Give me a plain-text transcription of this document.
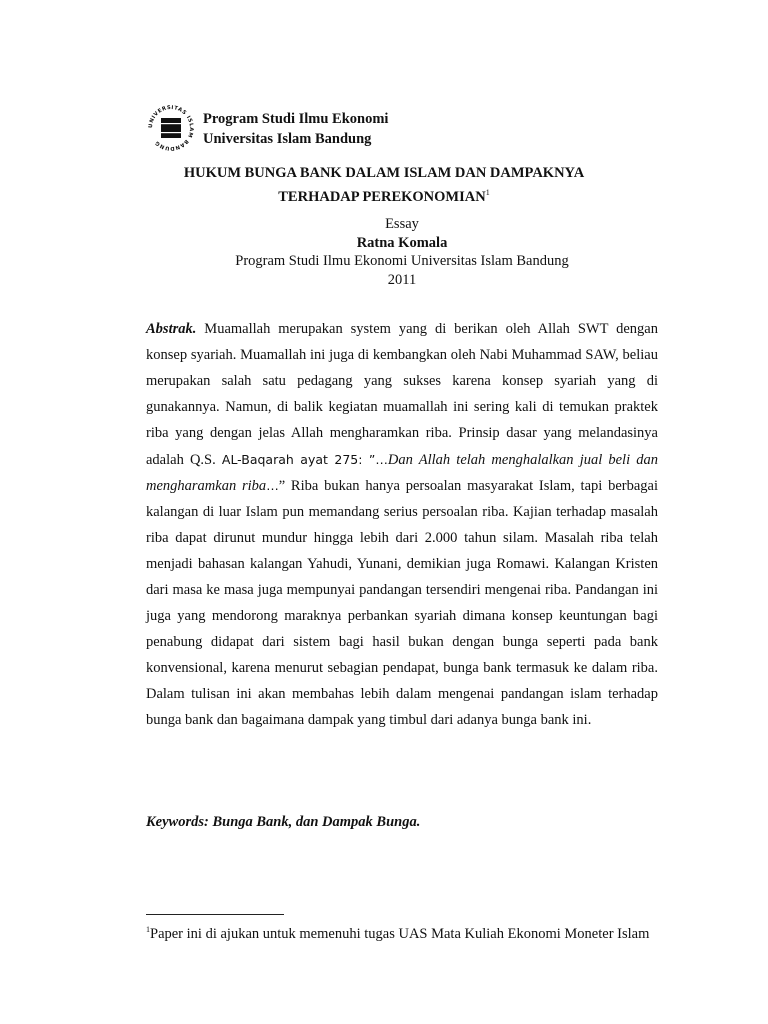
UNIVERSITAS ISLAM BANDUNG
Program Studi Ilmu Ekonomi
Universitas Islam Bandung
HUKUM BUNGA BANK DALAM ISLAM DAN DAMPAKNYA
TERHADAP PEREKONOMIAN$^1$
Essay
Ratna Komala
Program Studi Ilmu Ekonomi Universitas Islam Bandung
2011
Abstrak. Muamallah merupakan system yang di berikan oleh Allah SWT dengan konsep syariah. Muamallah ini juga di kembangkan oleh Nabi Muhammad SAW, beliau merupakan salah satu pedagang yang sukses karena konsep syariah yang di gunakannya. Namun, di balik kegiatan muamallah ini sering kali di temukan praktek riba yang dengan jelas Allah mengharamkan riba. Prinsip dasar yang melandasinya adalah Q.S. AL-Baqarah ayat 275: ”…Dan Allah telah menghalalkan jual beli dan mengharamkan riba…” Riba bukan hanya persoalan masyarakat Islam, tapi berbagai kalangan di luar Islam pun memandang serius persoalan riba. Kajian terhadap masalah riba dapat dirunut mundur hingga lebih dari 2.000 tahun silam. Masalah riba telah menjadi bahasan kalangan Yahudi, Yunani, demikian juga Romawi. Kalangan Kristen dari masa ke masa juga mempunyai pandangan tersendiri mengenai riba. Pandangan ini juga yang mendorong maraknya perbankan syariah dimana konsep keuntungan bagi penabung didapat dari sistem bagi hasil bukan dengan bunga seperti pada bank konvensional, karena menurut sebagian pendapat, bunga bank termasuk ke dalam riba. Dalam tulisan ini akan membahas lebih dalam mengenai pandangan islam terhadap bunga bank dan bagaimana dampak yang timbul dari adanya bunga bank ini.
Keywords: Bunga Bank, dan Dampak Bunga.
$^1$Paper ini di ajukan untuk memenuhi tugas UAS Mata Kuliah Ekonomi Moneter Islam
